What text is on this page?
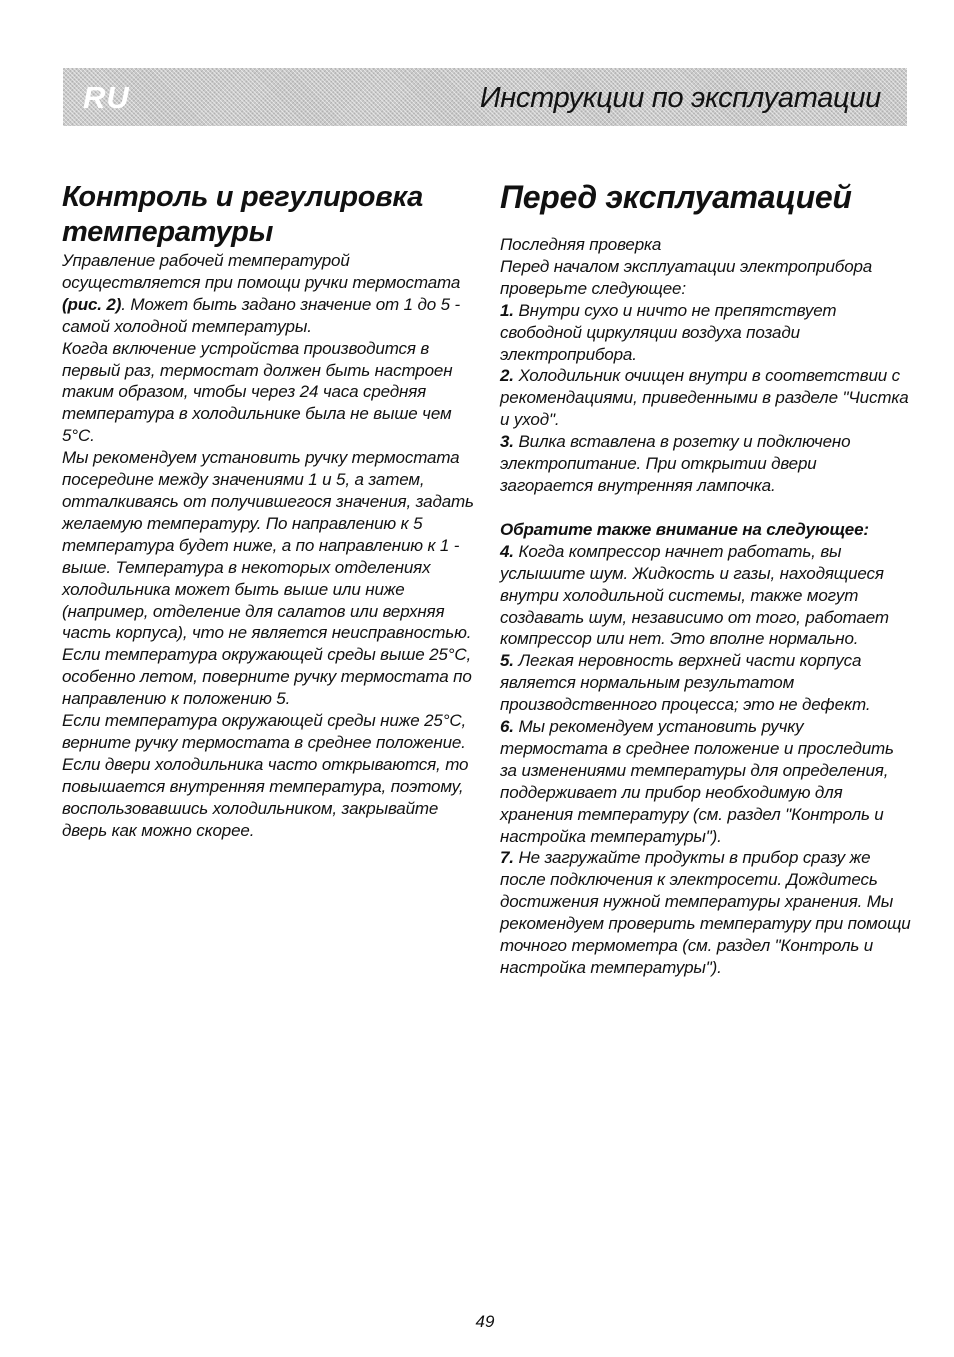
RU	Инструкции по эксплуатации
Контроль и регулировка температуры

Управление рабочей температурой осуществляется при помощи ручки термостата (рис. 2). Может быть задано значение от 1 до 5 - самой холодной температуры.

Когда включение устройства производится в первый раз, термостат должен быть настроен таким образом, чтобы через 24 часа средняя температура в холодильнике была не выше чем 5°С.

Мы рекомендуем установить ручку термостата посередине между значениями 1 и 5, а затем, отталкиваясь от получившегося значения, задать желаемую температуру. По направлению к 5 температура будет ниже, а по направлению к 1 - выше. Температура в некоторых отделениях холодильника может быть выше или ниже (например, отделение для салатов или верхняя часть корпуса), что не является неисправностью.

Если температура окружающей среды выше 25°С, особенно летом, поверните ручку термостата по направлению к положению 5.

Если температура окружающей среды ниже 25°С, верните ручку термостата в среднее положение.

Если двери холодильника часто открываются, то повышается внутренняя температура, поэтому, воспользовавшись холодильником, закрывайте дверь как можно скорее.

Перед эксплуатацией

Последняя проверка

Перед началом эксплуатации электроприбора проверьте следующее:

1. Внутри сухо и ничто не препятствует свободной циркуляции воздуха позади электроприбора.

2. Холодильник очищен внутри в соответствии с рекомендациями, приведенными в разделе "Чистка и уход".

3. Вилка вставлена в розетку и подключено электропитание. При открытии двери загорается внутренняя лампочка.

Обратите также внимание на следующее:

4. Когда компрессор начнет работать, вы услышите шум. Жидкость и газы, находящиеся внутри холодильной системы, также могут создавать шум, независимо от того, работает компрессор или нет. Это вполне нормально.

5. Легкая неровность верхней части корпуса является нормальным результатом производственного процесса; это не дефект.

6. Мы рекомендуем установить ручку термостата в среднее положение и проследить за изменениями температуры для определения, поддерживает ли прибор необходимую для хранения температуру (см. раздел "Контроль и настройка температуры").

7. Не загружайте продукты в прибор сразу же после подключения к электросети. Дождитесь достижения нужной температуры хранения. Мы рекомендуем проверить температуру при помощи точного термометра (см. раздел "Контроль и настройка температуры").

49
